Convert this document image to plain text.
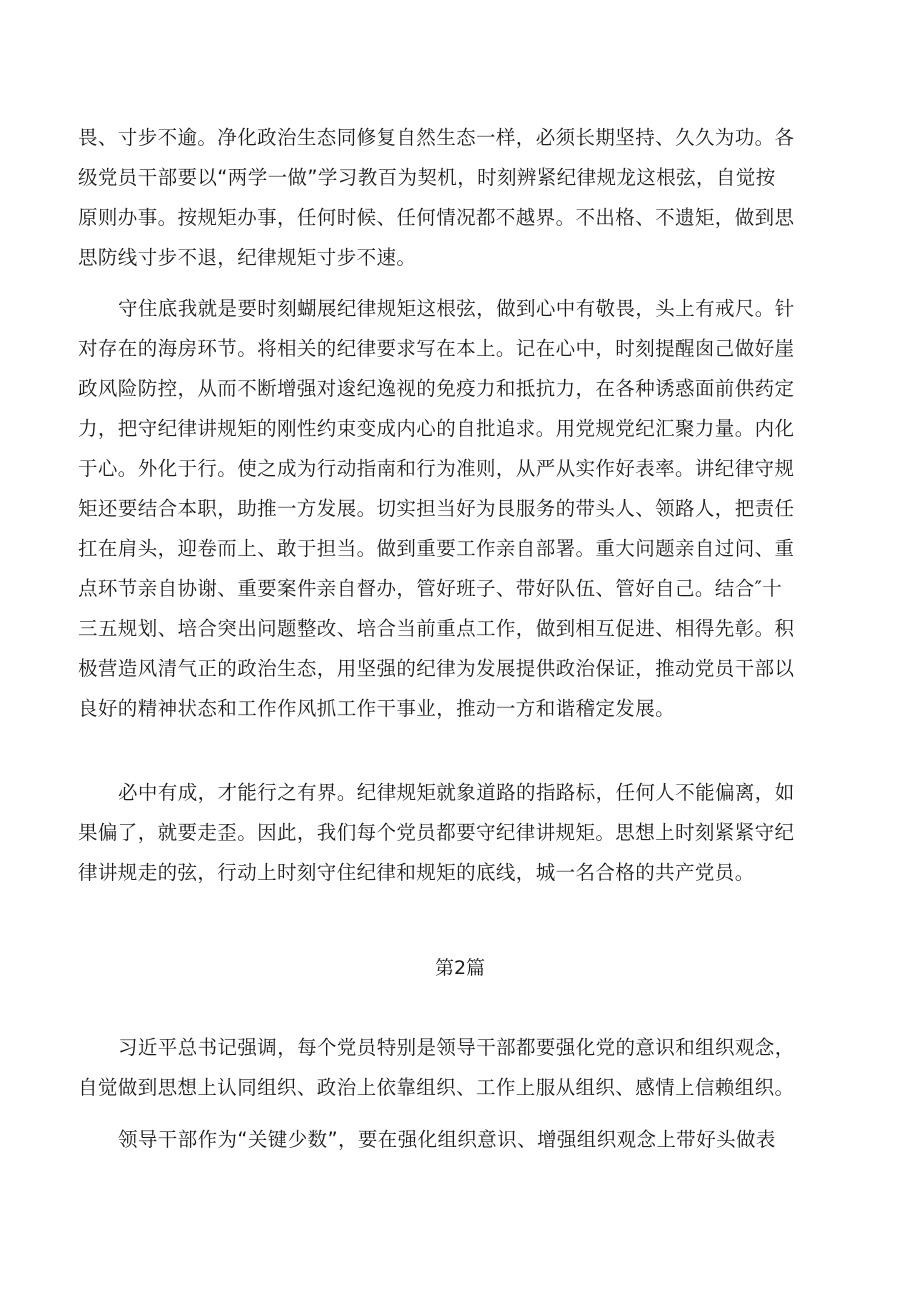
畏、寸步不逾。净化政治生态同修复自然生态一样，必须长期坚持、久久为功。各
级党员干部要以“两学一做”学习教百为契机，时刻辨紧纪律规龙这根弦，自觉按
原则办事。按规矩办事，任何时候、任何情况都不越界。不出格、不遗矩，做到思
思防线寸步不退，纪律规矩寸步不速。
守住底我就是要时刻蝴展纪律规矩这根弦，做到心中有敬畏，头上有戒尺。针
对存在的海房环节。将相关的纪律要求写在本上。记在心中，时刻提醒囱己做好崖
政风险防控，从而不断增强对逡纪逸视的免疫力和抵抗力，在各种诱惑面前供药定
力，把守纪律讲规矩的刚性约束变成内心的自批追求。用党规党纪汇聚力量。内化
于心。外化于行。使之成为行动指南和行为准则，从严从实作好表率。讲纪律守规
矩还要结合本职，助推一方发展。切实担当好为艮服务的带头人、领路人，把责任
扛在肩头，迎卷而上、敢于担当。做到重要工作亲自部署。重大问题亲自过问、重
点环节亲自协谢、重要案件亲自督办，管好班子、带好队伍、管好自己。结合″十
三五规划、培合突出问题整改、培合当前重点工作，做到相互促进、相得先彰。积
极营造风清气正的政治生态，用坚强的纪律为发展提供政治保证，推动党员干部以
良好的精神状态和工作作风抓工作干事业，推动一方和谐稽定发展。
必中有成，才能行之有界。纪律规矩就象道路的指路标，任何人不能偏离，如
果偏了，就要走歪。因此，我们每个党员都要守纪律讲规矩。思想上时刻紧紧守纪
律讲规走的弦，行动上时刻守住纪律和规矩的底线，城一名合格的共产党员。
第2篇
习近平总书记强调，每个党员特别是领导干部都要强化党的意识和组织观念，
自觉做到思想上认同组织、政治上依靠组织、工作上服从组织、感情上信赖组织。
领导干部作为“关键少数”，要在强化组织意识、增强组织观念上带好头做表
